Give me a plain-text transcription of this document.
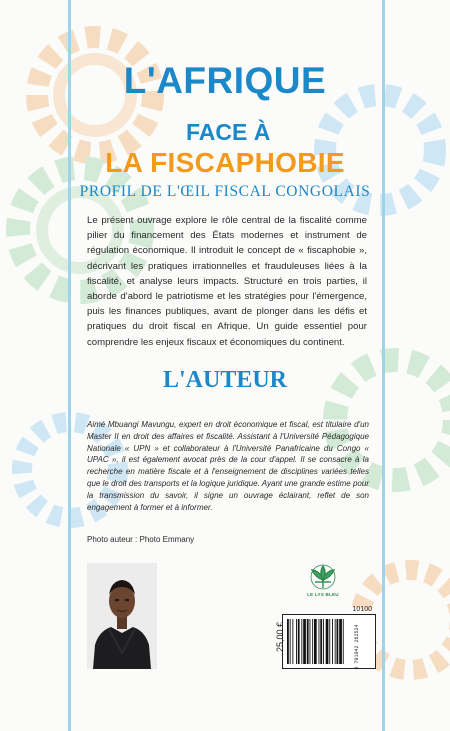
L'AFRIQUE
FACE À
LA FISCAPHOBIE
PROFIL DE L'ŒIL FISCAL CONGOLAIS
Le présent ouvrage explore le rôle central de la fiscalité comme pilier du financement des États modernes et instrument de régulation économique. Il introduit le concept de « fiscaphobie », décrivant les pratiques irrationnelles et frauduleuses liées à la fiscalité, et analyse leurs impacts. Structuré en trois parties, il aborde d'abord le patriotisme et les stratégies pour l'émergence, puis les finances publiques, avant de plonger dans les défis et pratiques du droit fiscal en Afrique. Un guide essentiel pour comprendre les enjeux fiscaux et économiques du continent.
L'AUTEUR
Aimé Mbuangi Mavungu, expert en droit économique et fiscal, est titulaire d'un Master II en droit des affaires et fiscalité. Assistant à l'Université Pédagogique Nationale « UPN » et collaborateur à l'Université Panafricaine du Congo « UPAC », il est également avocat près de la cour d'appel. Il se consacre à la recherche en matière fiscale et à l'enseignement de disciplines variées telles que le droit des transports et la logique juridique. Ayant une grande estime pour la transmission du savoir, il signe un ouvrage éclairant, reflet de son engagement à former et à informer.
Photo auteur : Photo Emmany
LE LYS BLEU
10100
25,00 €	9 791042 262524
